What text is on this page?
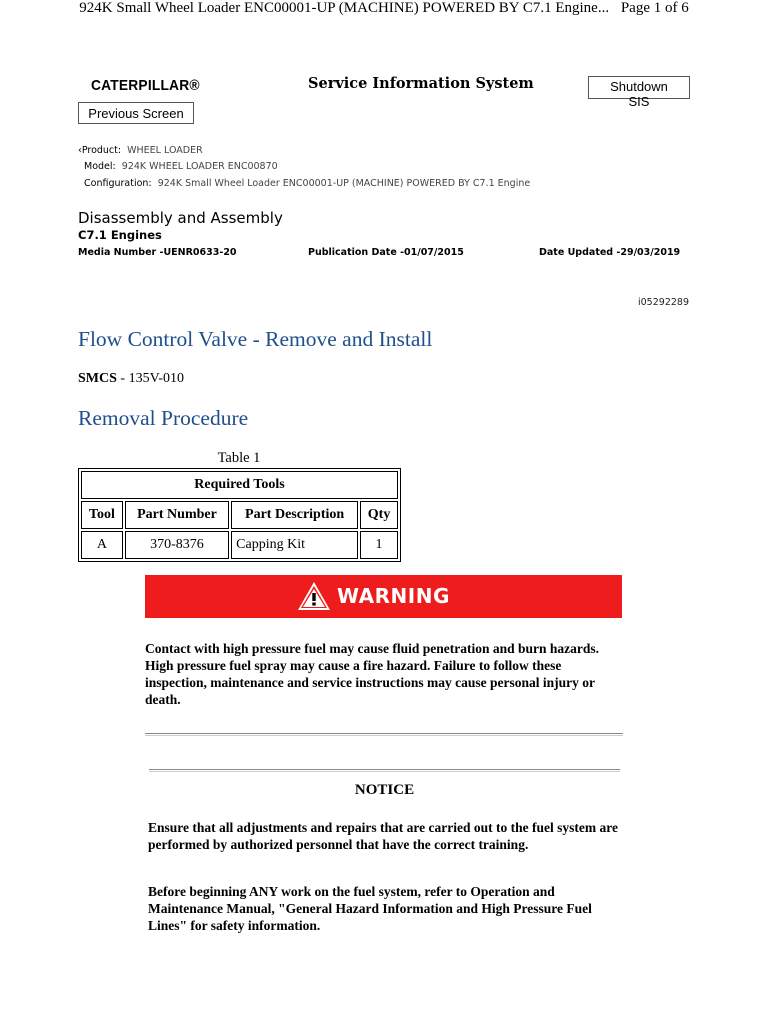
924K Small Wheel Loader ENC00001-UP (MACHINE) POWERED BY C7.1 Engine... Page 1 of 6
CATERPILLAR®	Service Information System	Shutdown SIS
Previous Screen
‹Product: WHEEL LOADER
Model: 924K WHEEL LOADER ENC00870
Configuration: 924K Small Wheel Loader ENC00001-UP (MACHINE) POWERED BY C7.1 Engine
Disassembly and Assembly
C7.1 Engines
Media Number -UENR0633-20	Publication Date -01/07/2015	Date Updated -29/03/2019
i05292289
Flow Control Valve - Remove and Install
SMCS - 135V-010
Removal Procedure
Table 1
Required Tools			
Tool	Part Number	Part Description	Qty
A	370-8376	Capping Kit	1
WARNING
Contact with high pressure fuel may cause fluid penetration and burn hazards. High pressure fuel spray may cause a fire hazard. Failure to follow these inspection, maintenance and service instructions may cause personal injury or death.
NOTICE
Ensure that all adjustments and repairs that are carried out to the fuel system are performed by authorized personnel that have the correct training.
Before beginning ANY work on the fuel system, refer to Operation and Maintenance Manual, "General Hazard Information and High Pressure Fuel Lines" for safety information.
